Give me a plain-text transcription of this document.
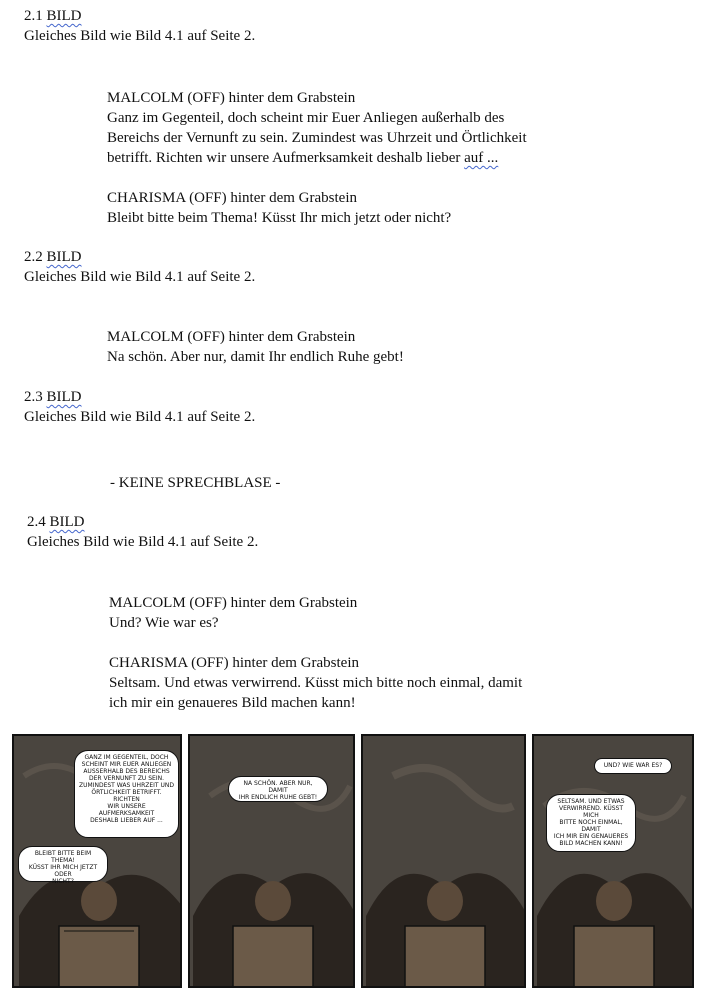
2.1 BILD
Gleiches Bild wie Bild 4.1 auf Seite 2.
MALCOLM (OFF) hinter dem Grabstein
Ganz im Gegenteil, doch scheint mir Euer Anliegen außerhalb des
Bereichs der Vernunft zu sein. Zumindest was Uhrzeit und Örtlichkeit
betrifft. Richten wir unsere Aufmerksamkeit deshalb lieber auf ...
CHARISMA (OFF) hinter dem Grabstein
Bleibt bitte beim Thema! Küsst Ihr mich jetzt oder nicht?
2.2 BILD
Gleiches Bild wie Bild 4.1 auf Seite 2.
MALCOLM (OFF) hinter dem Grabstein
Na schön. Aber nur, damit Ihr endlich Ruhe gebt!
2.3 BILD
Gleiches Bild wie Bild 4.1 auf Seite 2.
- KEINE SPRECHBLASE -
2.4 BILD
Gleiches Bild wie Bild 4.1 auf Seite 2.
MALCOLM (OFF) hinter dem Grabstein
Und? Wie war es?
CHARISMA (OFF) hinter dem Grabstein
Seltsam. Und etwas verwirrend. Küsst mich bitte noch einmal, damit
ich mir ein genaueres Bild machen kann!
GANZ IM GEGENTEIL, DOCH
SCHEINT MIR EUER ANLIEGEN
AUSSERHALB DES BEREICHS
DER VERNUNFT ZU SEIN.
ZUMINDEST WAS UHRZEIT UND
ÖRTLICHKEIT BETRIFFT. RICHTEN
WIR UNSERE AUFMERKSAMKEIT
DESHALB LIEBER AUF ...
BLEIBT BITTE BEIM THEMA!
KÜSST IHR MICH JETZT ODER
NICHT?
NA SCHÖN. ABER NUR, DAMIT
IHR ENDLICH RUHE GEBT!
UND? WIE WAR ES?
SELTSAM. UND ETWAS
VERWIRREND. KÜSST MICH
BITTE NOCH EINMAL, DAMIT
ICH MIR EIN GENAUERES
BILD MACHEN KANN!
